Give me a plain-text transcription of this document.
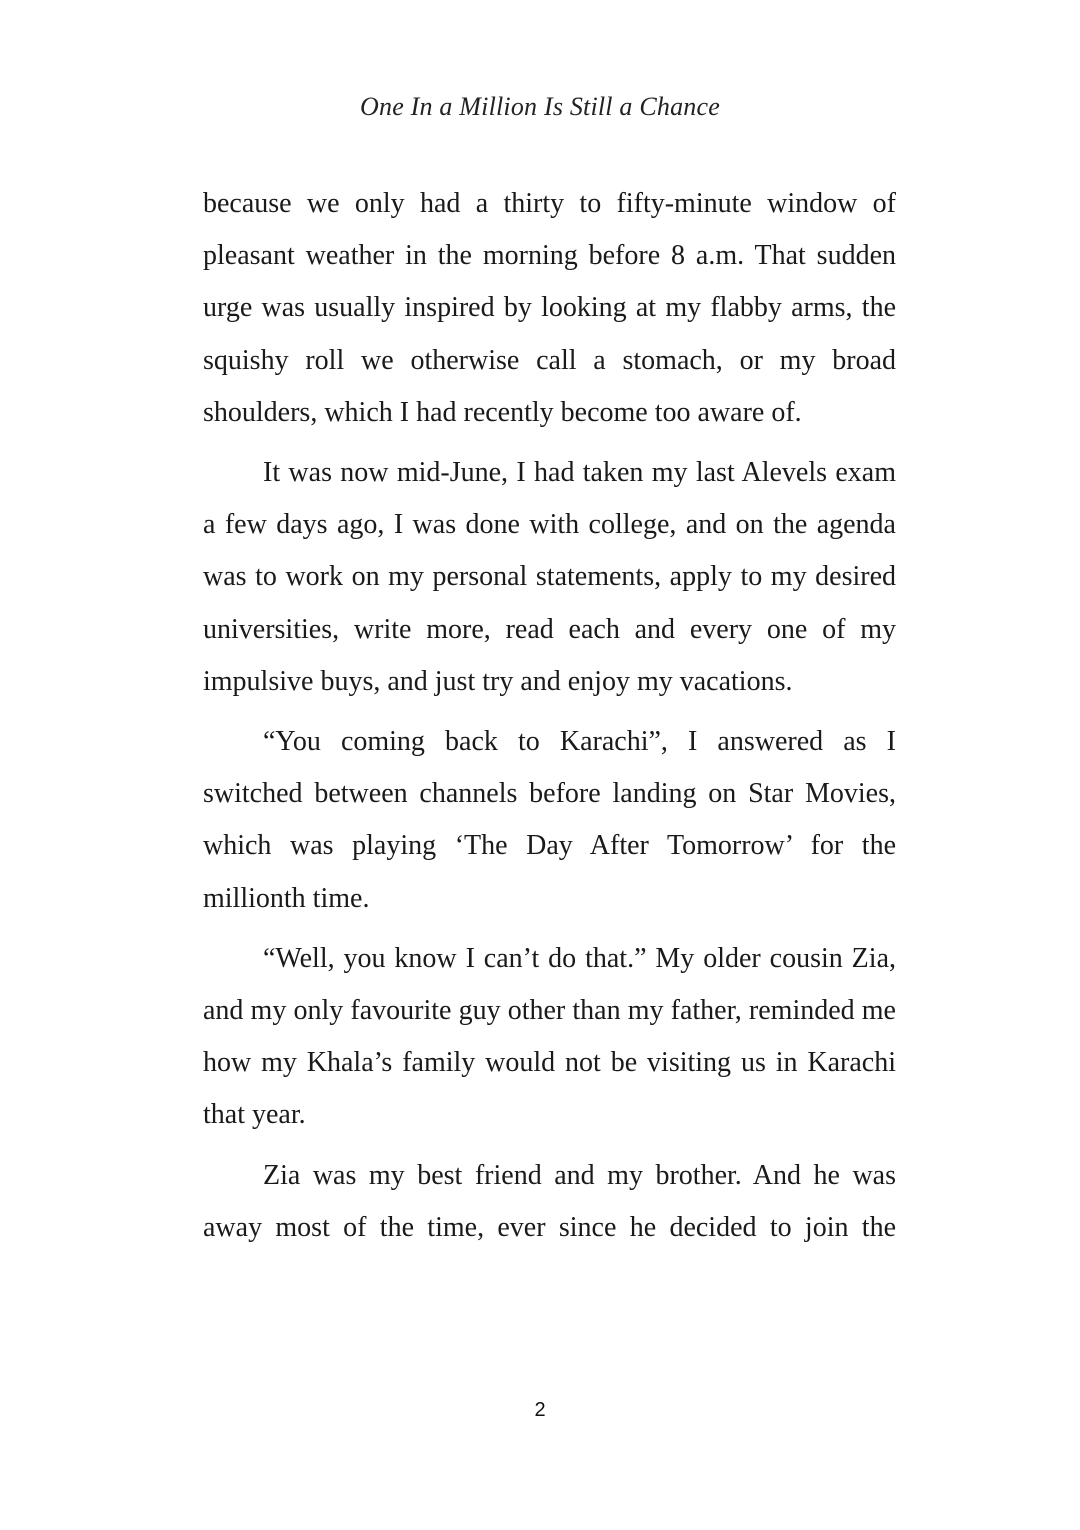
One In a Million Is Still a Chance

because we only had a thirty to fifty-minute window of pleasant weather in the morning before 8 a.m. That sudden urge was usually inspired by looking at my flabby arms, the squishy roll we otherwise call a stomach, or my broad shoulders, which I had recently become too aware of.

It was now mid-June, I had taken my last Alevels exam a few days ago, I was done with college, and on the agenda was to work on my personal statements, apply to my desired universities, write more, read each and every one of my impulsive buys, and just try and enjoy my vacations.

“You coming back to Karachi”, I answered as I switched between channels before landing on Star Movies, which was playing ‘The Day After Tomorrow’ for the millionth time.

“Well, you know I can’t do that.” My older cousin Zia, and my only favourite guy other than my father, reminded me how my Khala’s family would not be visiting us in Karachi that year.

Zia was my best friend and my brother. And he was away most of the time, ever since he decided to join the

2
